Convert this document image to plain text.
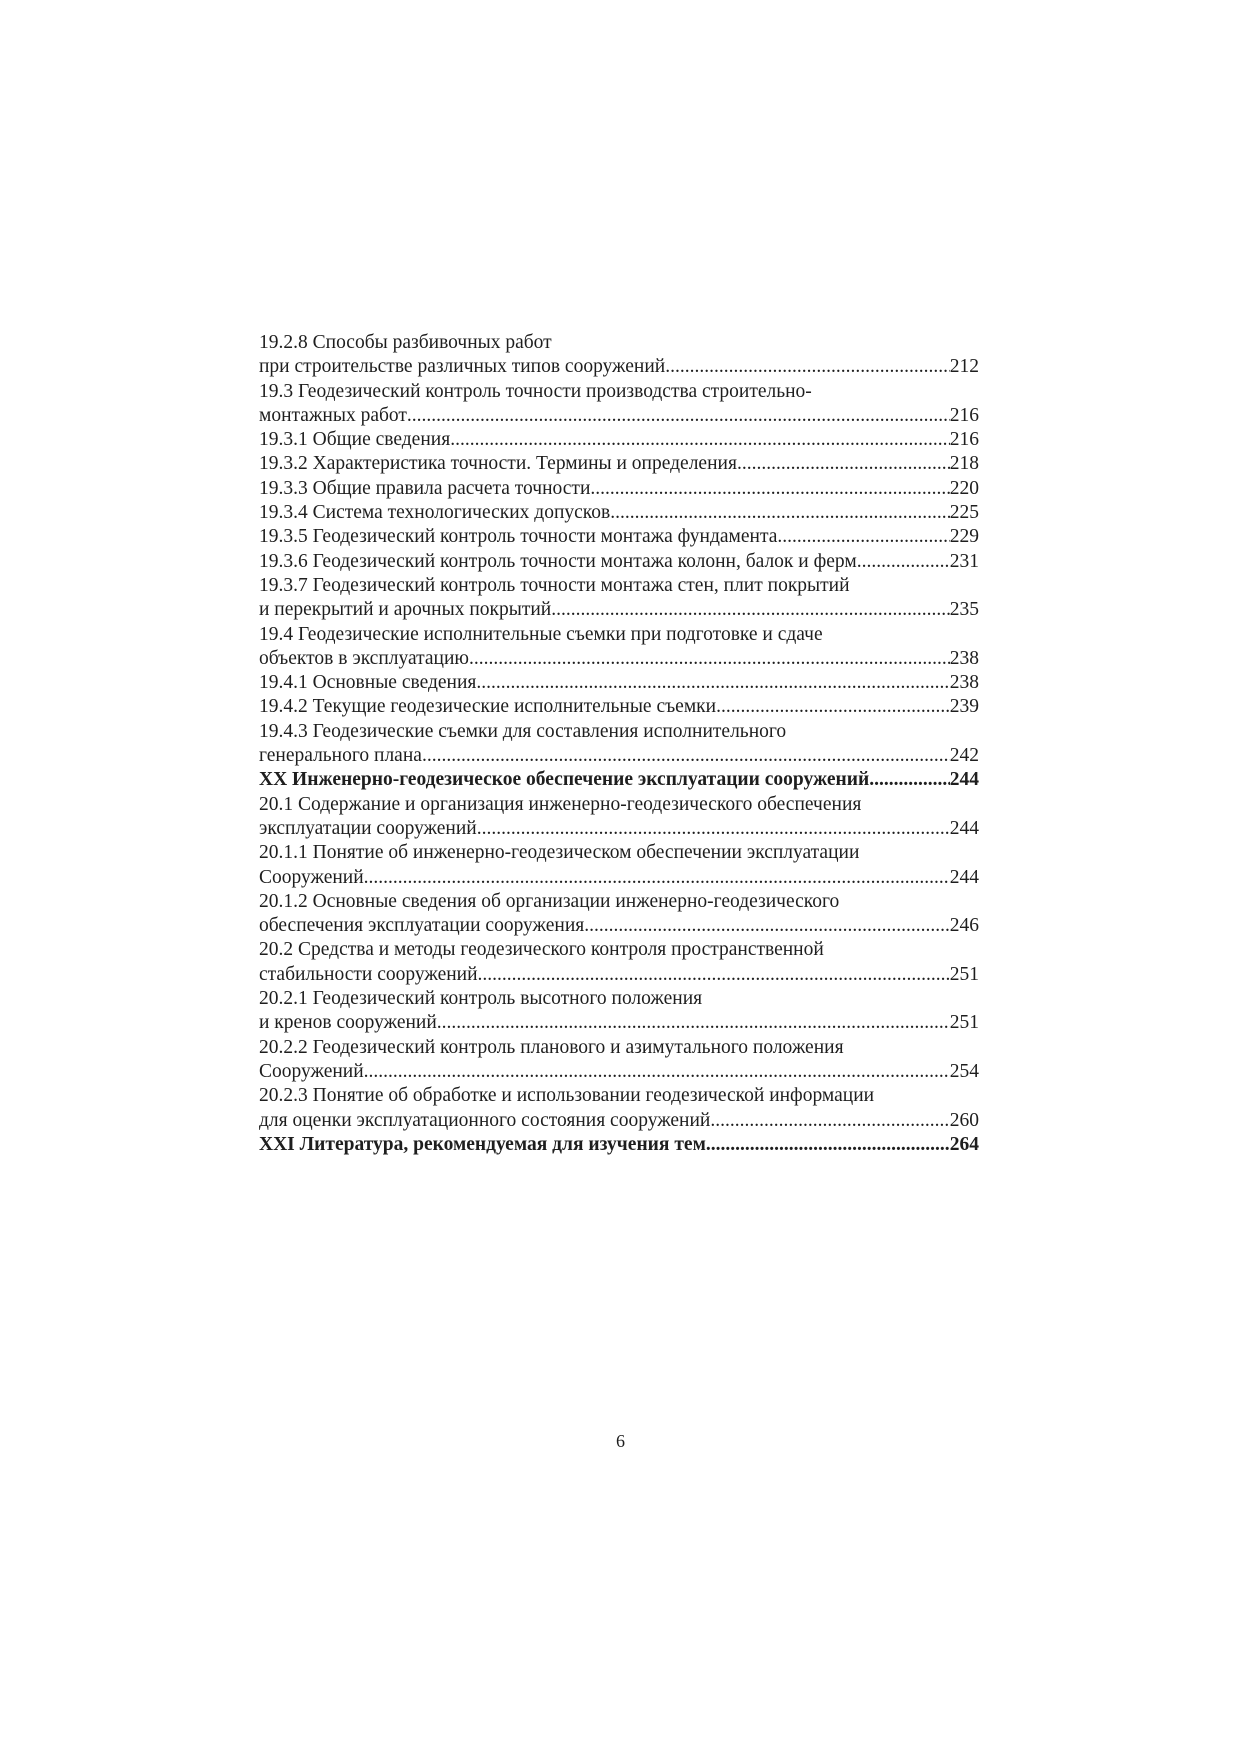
19.2.8 Способы разбивочных работ
при строительстве различных типов сооружений .....	212
19.3 Геодезический контроль точности производства строительно-
монтажных работ .....	216
19.3.1 Общие сведения .....	216
19.3.2 Характеристика точности. Термины и определения .....	218
19.3.3 Общие правила расчета точности .....	220
19.3.4 Система технологических допусков .....	225
19.3.5 Геодезический контроль точности монтажа фундамента .....	229
19.3.6 Геодезический контроль точности монтажа колонн, балок и ферм .....	231
19.3.7 Геодезический контроль точности монтажа стен, плит покрытий
и перекрытий и арочных покрытий .....	235
19.4 Геодезические исполнительные съемки при подготовке и сдаче
объектов в эксплуатацию .....	238
19.4.1 Основные сведения .....	238
19.4.2 Текущие геодезические исполнительные съемки .....	239
19.4.3 Геодезические съемки для составления исполнительного
генерального плана .....	242
XX Инженерно-геодезическое обеспечение эксплуатации сооружений .....	244
20.1 Содержание и организация инженерно-геодезического обеспечения
эксплуатации сооружений .....	244
20.1.1 Понятие об инженерно-геодезическом обеспечении эксплуатации
Сооружений .....	244
20.1.2 Основные сведения об организации инженерно-геодезического
обеспечения эксплуатации сооружения .....	246
20.2 Средства и методы геодезического контроля пространственной
стабильности сооружений .....	251
20.2.1 Геодезический контроль высотного положения
и кренов сооружений .....	251
20.2.2 Геодезический контроль планового и азимутального положения
Сооружений .....	254
20.2.3 Понятие об обработке и использовании геодезической информации
для оценки эксплуатационного состояния сооружений .....	260
XXI Литература, рекомендуемая для изучения тем .....	264
6
